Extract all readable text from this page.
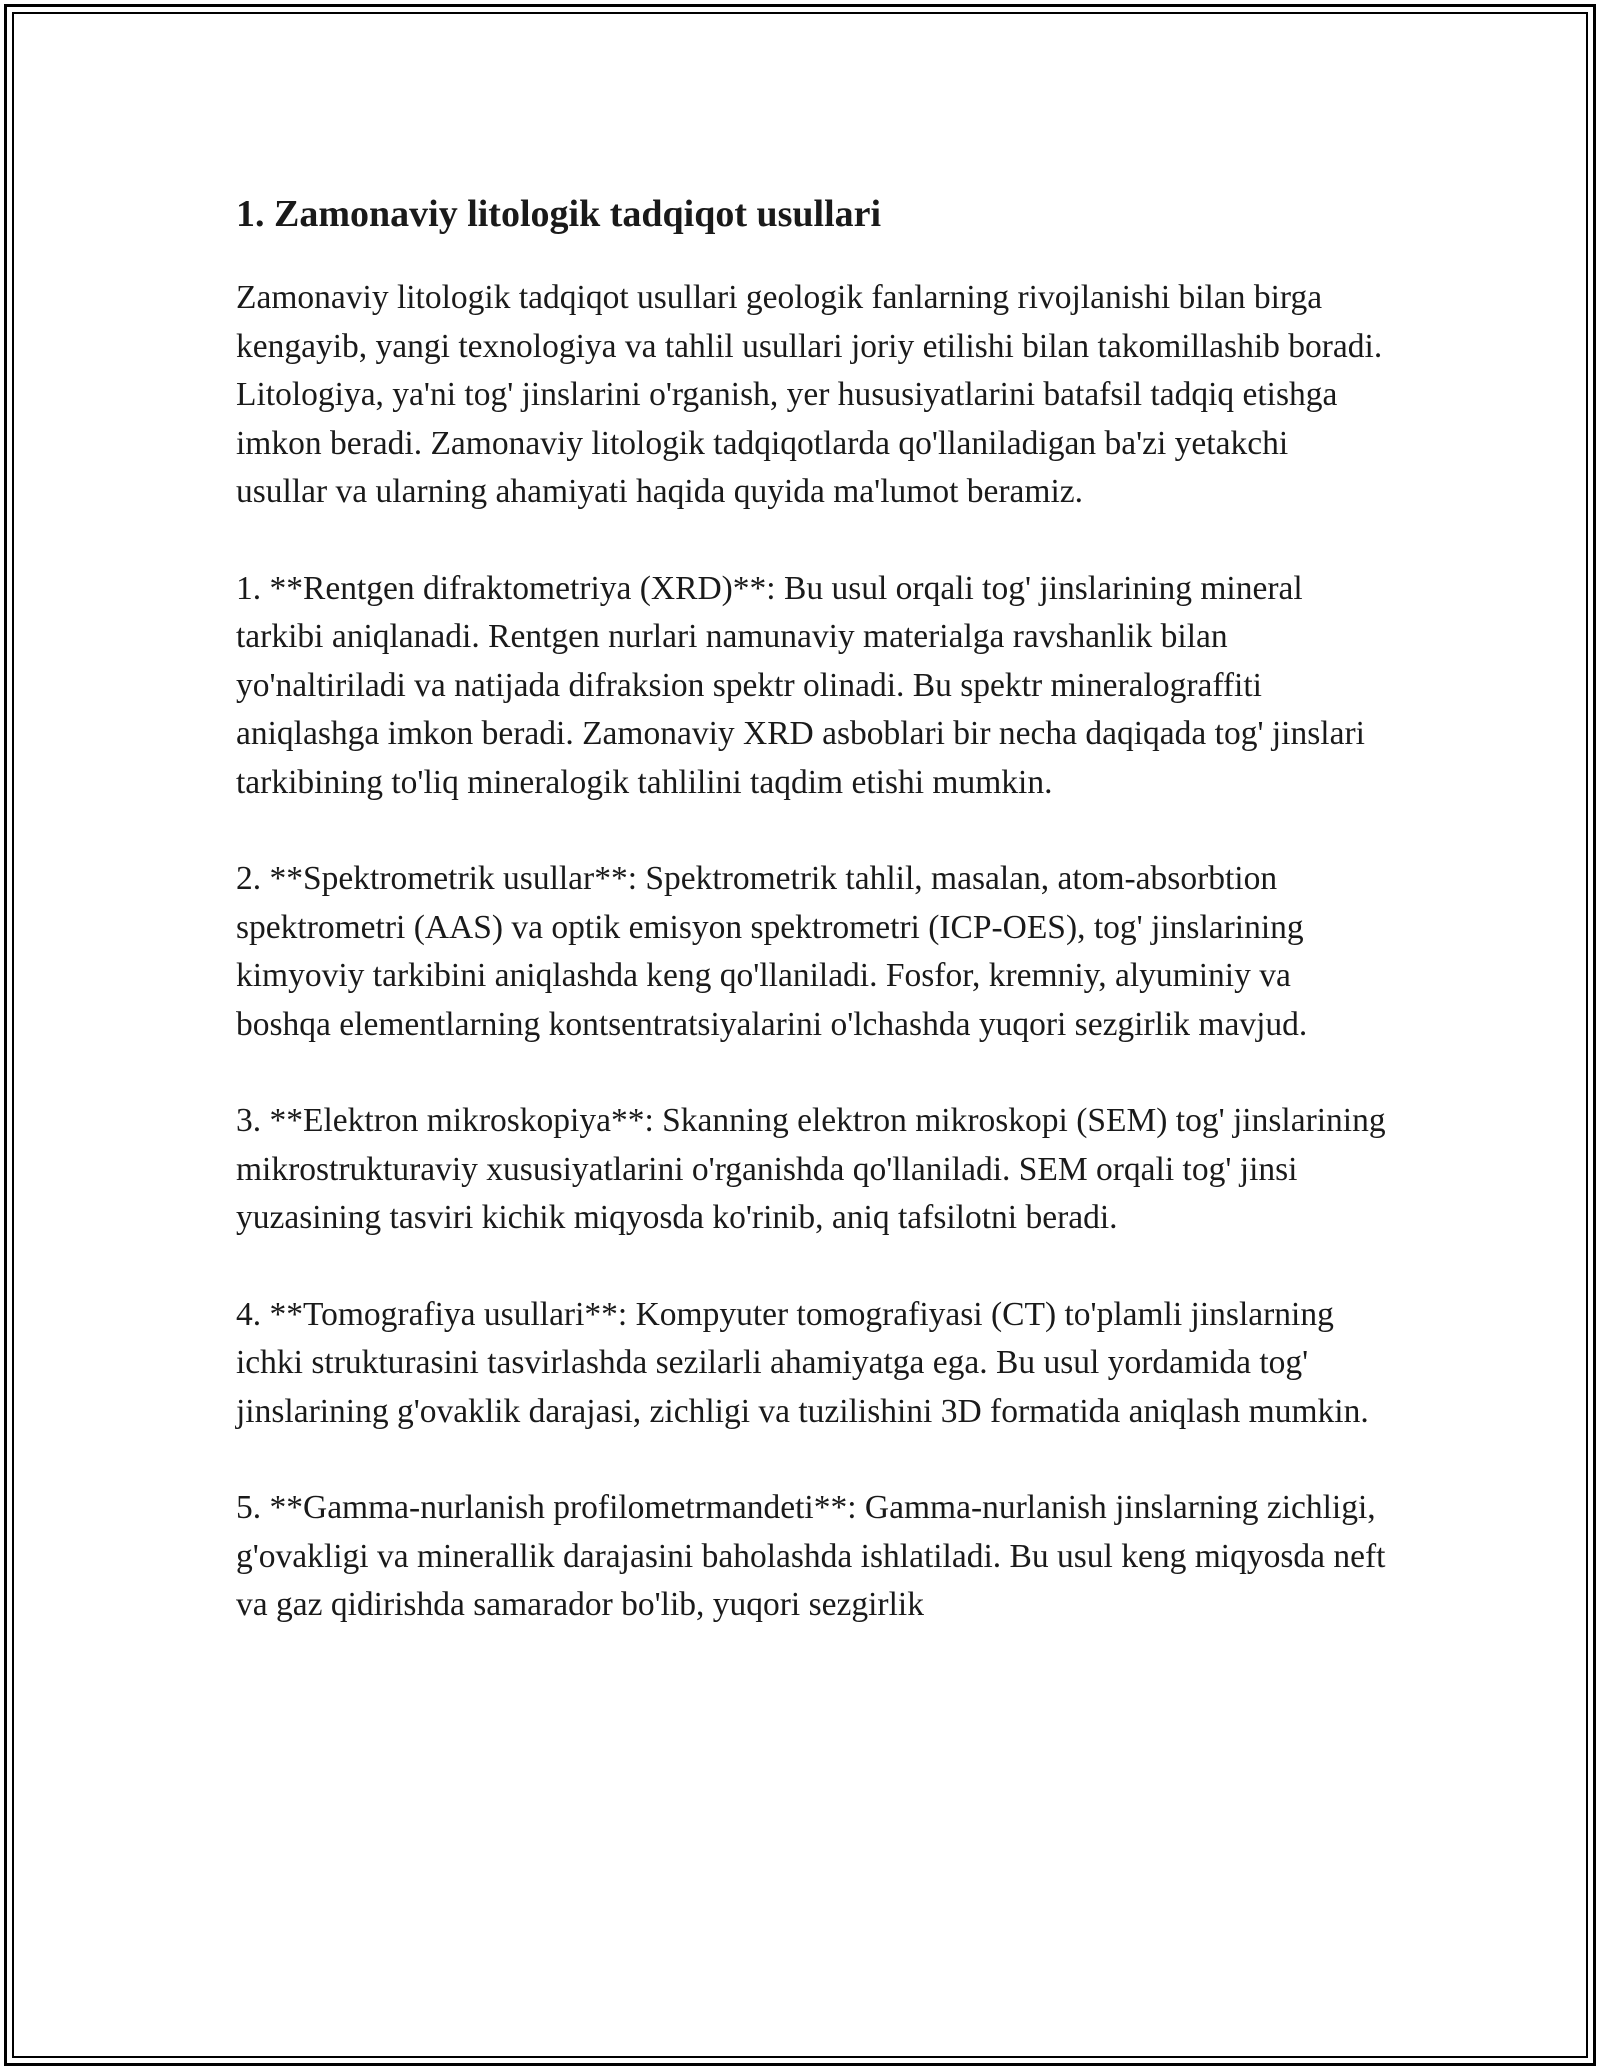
1. Zamonaviy litologik tadqiqot usullari

Zamonaviy litologik tadqiqot usullari geologik fanlarning rivojlanishi bilan birga kengayib, yangi texnologiya va tahlil usullari joriy etilishi bilan takomillashib boradi. Litologiya, ya'ni tog' jinslarini o'rganish, yer hususiyatlarini batafsil tadqiq etishga imkon beradi. Zamonaviy litologik tadqiqotlarda qo'llaniladigan ba'zi yetakchi usullar va ularning ahamiyati haqida quyida ma'lumot beramiz.

1. **Rentgen difraktometriya (XRD)**: Bu usul orqali tog' jinslarining mineral tarkibi aniqlanadi. Rentgen nurlari namunaviy materialga ravshanlik bilan yo'naltiriladi va natijada difraksion spektr olinadi. Bu spektr mineralograffiti aniqlashga imkon beradi. Zamonaviy XRD asboblari bir necha daqiqada tog' jinslari tarkibining to'liq mineralogik tahlilini taqdim etishi mumkin.

2. **Spektrometrik usullar**: Spektrometrik tahlil, masalan, atom-absorbtion spektrometri (AAS) va optik emisyon spektrometri (ICP-OES), tog' jinslarining kimyoviy tarkibini aniqlashda keng qo'llaniladi. Fosfor, kremniy, alyuminiy va boshqa elementlarning kontsentratsiyalarini o'lchashda yuqori sezgirlik mavjud.

3. **Elektron mikroskopiya**: Skanning elektron mikroskopi (SEM) tog' jinslarining mikrostrukturaviy xususiyatlarini o'rganishda qo'llaniladi. SEM orqali tog' jinsi yuzasining tasviri kichik miqyosda ko'rinib, aniq tafsilotni beradi.

4. **Tomografiya usullari**: Kompyuter tomografiyasi (CT) to'plamli jinslarning ichki strukturasini tasvirlashda sezilarli ahamiyatga ega. Bu usul yordamida tog' jinslarining g'ovaklik darajasi, zichligi va tuzilishini 3D formatida aniqlash mumkin.

5. **Gamma-nurlanish profilometrmandeti**: Gamma-nurlanish jinslarning zichligi, g'ovakligi va minerallik darajasini baholashda ishlatiladi. Bu usul keng miqyosda neft va gaz qidirishda samarador bo'lib, yuqori sezgirlik
